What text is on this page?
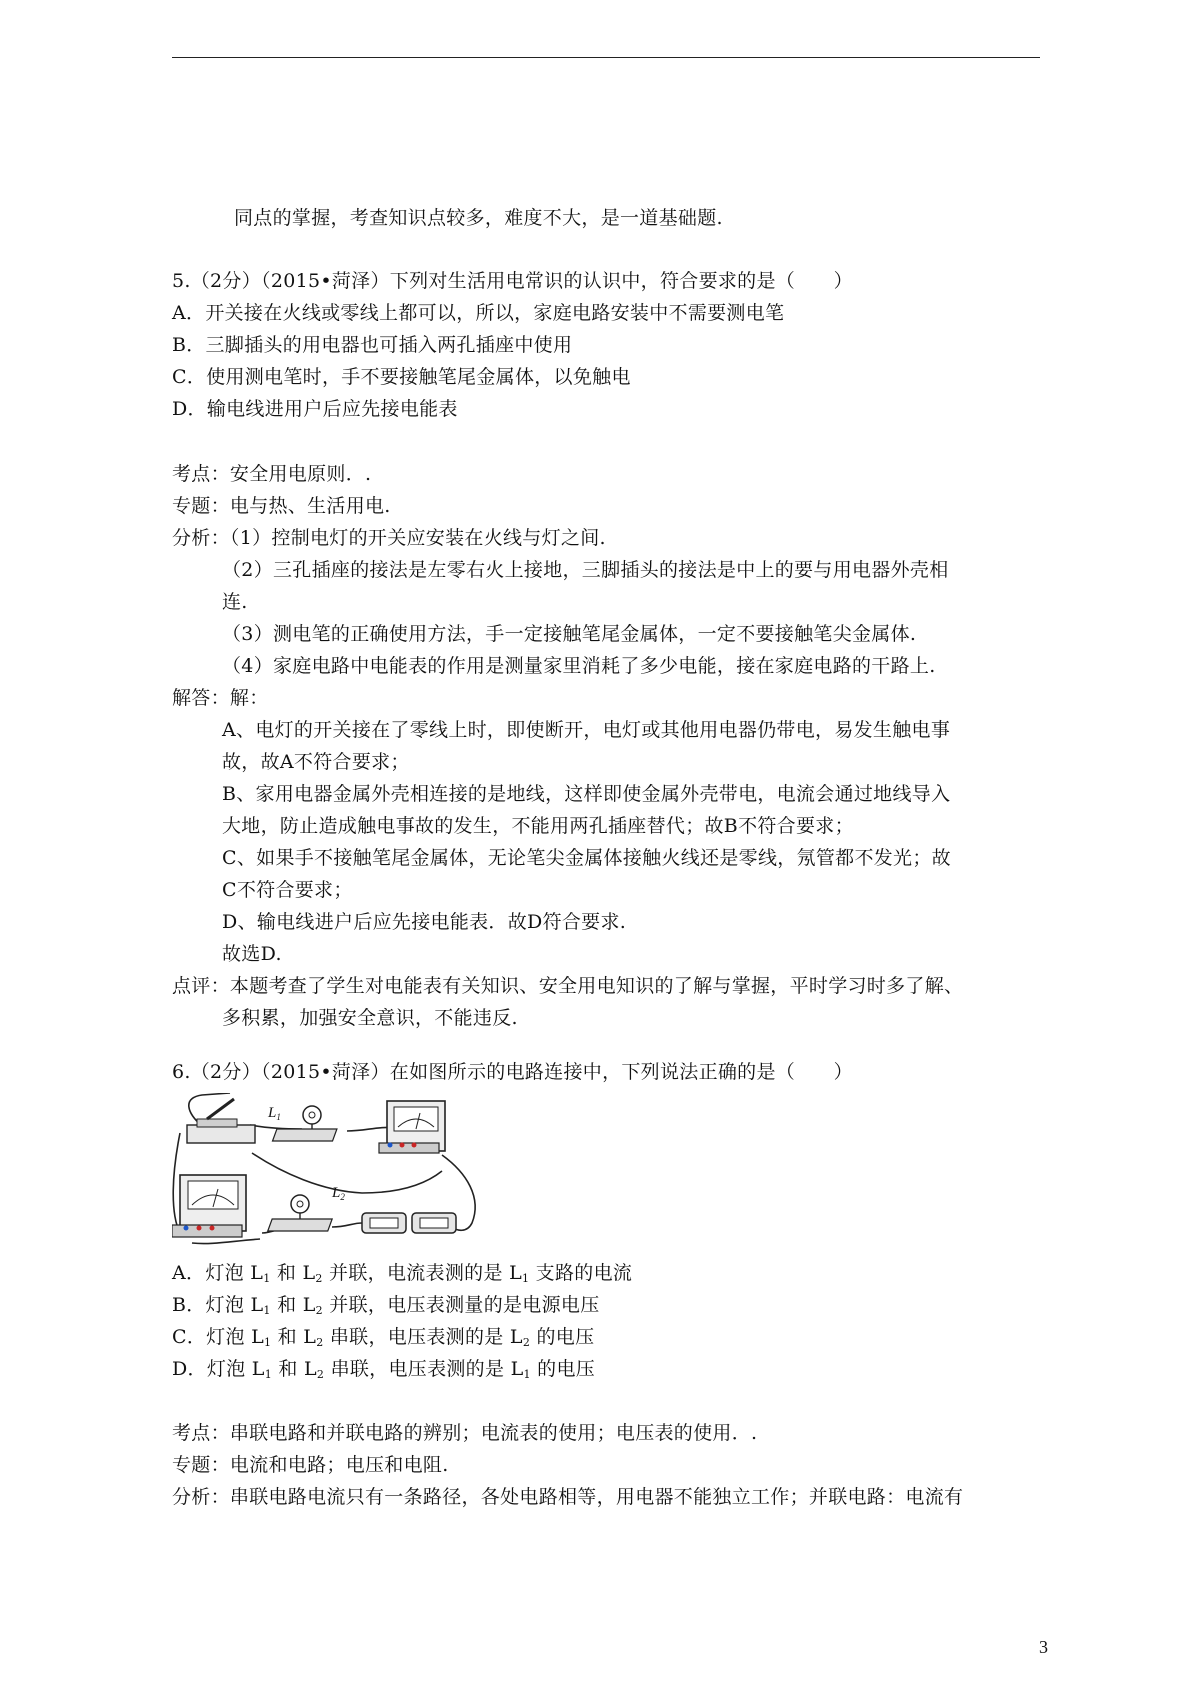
同点的掌握，考查知识点较多，难度不大，是一道基础题.
5.（2分）（2015•菏泽）下列对生活用电常识的认识中，符合要求的是（　　）
A．开关接在火线或零线上都可以，所以，家庭电路安装中不需要测电笔
B．三脚插头的用电器也可插入两孔插座中使用
C．使用测电笔时，手不要接触笔尾金属体，以免触电
D．输电线进用户后应先接电能表
考点：安全用电原则．.
专题：电与热、生活用电.
分析：（1）控制电灯的开关应安装在火线与灯之间.
（2）三孔插座的接法是左零右火上接地，三脚插头的接法是中上的要与用电器外壳相
连.
（3）测电笔的正确使用方法，手一定接触笔尾金属体，一定不要接触笔尖金属体.
（4）家庭电路中电能表的作用是测量家里消耗了多少电能，接在家庭电路的干路上.
解答：解：
A、电灯的开关接在了零线上时，即使断开，电灯或其他用电器仍带电，易发生触电事
故，故A不符合要求；
B、家用电器金属外壳相连接的是地线，这样即使金属外壳带电，电流会通过地线导入
大地，防止造成触电事故的发生，不能用两孔插座替代；故B不符合要求；
C、如果手不接触笔尾金属体，无论笔尖金属体接触火线还是零线，氖管都不发光；故
C不符合要求；
D、输电线进户后应先接电能表．故D符合要求.
故选D.
点评：本题考查了学生对电能表有关知识、安全用电知识的了解与掌握，平时学习时多了解、
多积累，加强安全意识，不能违反.
6.（2分）（2015•菏泽）在如图所示的电路连接中，下列说法正确的是（　　）
$L_1$
$L_2$
A．灯泡 $L_1$ 和 $L_2$ 并联，电流表测的是 $L_1$ 支路的电流
B．灯泡 $L_1$ 和 $L_2$ 并联，电压表测量的是电源电压
C．灯泡 $L_1$ 和 $L_2$ 串联，电压表测的是 $L_2$ 的电压
D．灯泡 $L_1$ 和 $L_2$ 串联，电压表测的是 $L_1$ 的电压
考点：串联电路和并联电路的辨别；电流表的使用；电压表的使用．.
专题：电流和电路；电压和电阻.
分析：串联电路电流只有一条路径，各处电路相等，用电器不能独立工作；并联电路：电流有
3
